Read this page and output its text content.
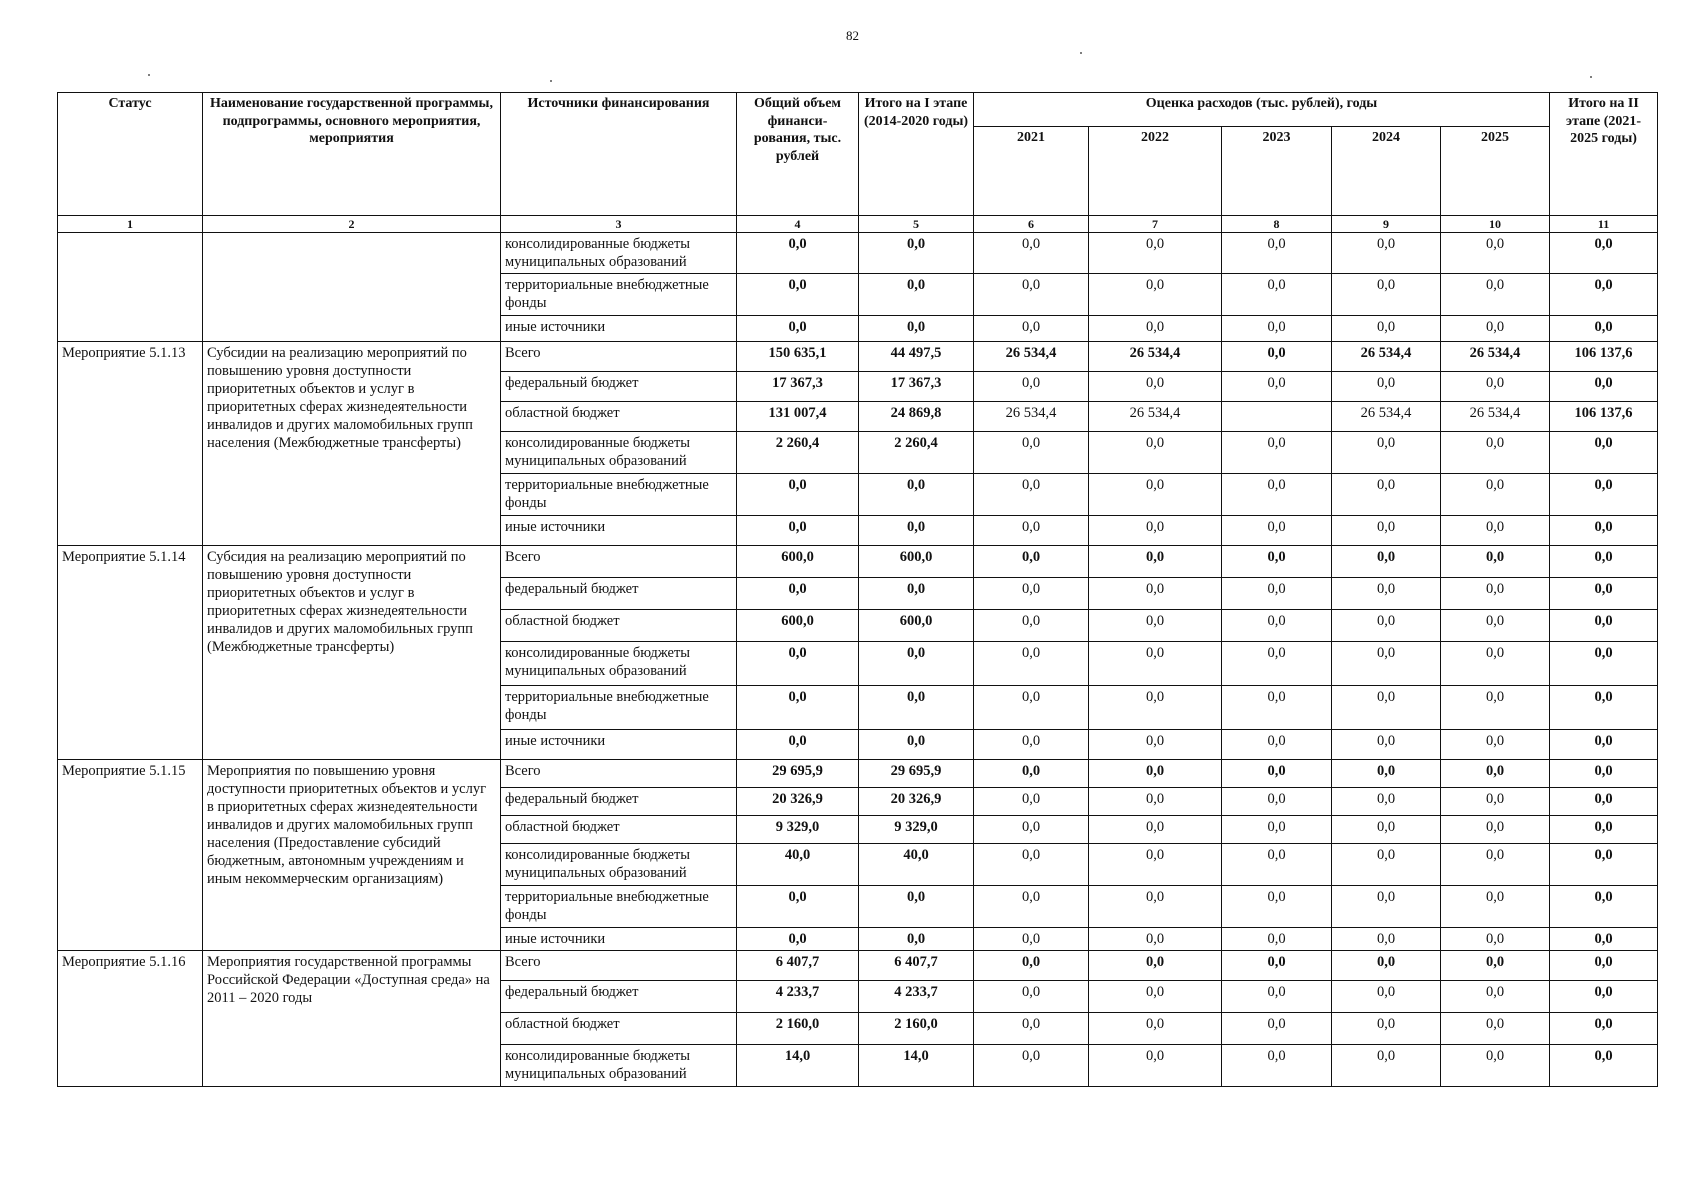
82
Статус	Наименование государственной программы, подпрограммы, основного мероприятия, мероприятия	Источники финансирования	Общий объем финанси-рования, тыс. рублей	Итого на I этапе (2014-2020 годы)	Оценка расходов (тыс. рублей), годы					Итого на II этапе (2021-2025 годы)
					2021	2022	2023	2024	2025	
1	2	3	4	5	6	7	8	9	10	11
		консолидированные бюджеты муниципальных образований	0,0	0,0	0,0	0,0	0,0	0,0	0,0	0,0
		территориальные внебюджетные фонды	0,0	0,0	0,0	0,0	0,0	0,0	0,0	0,0
		иные источники	0,0	0,0	0,0	0,0	0,0	0,0	0,0	0,0
Мероприятие 5.1.13	Субсидии на реализацию мероприятий по повышению уровня доступности приоритетных объектов и услуг в приоритетных сферах жизнедеятельности инвалидов и других маломобильных групп населения (Межбюджетные трансферты)	Всего	150 635,1	44 497,5	26 534,4	26 534,4	0,0	26 534,4	26 534,4	106 137,6
		федеральный бюджет	17 367,3	17 367,3	0,0	0,0	0,0	0,0	0,0	0,0
		областной бюджет	131 007,4	24 869,8	26 534,4	26 534,4		26 534,4	26 534,4	106 137,6
		консолидированные бюджеты муниципальных образований	2 260,4	2 260,4	0,0	0,0	0,0	0,0	0,0	0,0
		территориальные внебюджетные фонды	0,0	0,0	0,0	0,0	0,0	0,0	0,0	0,0
		иные источники	0,0	0,0	0,0	0,0	0,0	0,0	0,0	0,0
Мероприятие 5.1.14	Субсидия на реализацию мероприятий по повышению уровня доступности приоритетных объектов и услуг в приоритетных сферах жизнедеятельности инвалидов и других маломобильных групп (Межбюджетные трансферты)	Всего	600,0	600,0	0,0	0,0	0,0	0,0	0,0	0,0
		федеральный бюджет	0,0	0,0	0,0	0,0	0,0	0,0	0,0	0,0
		областной бюджет	600,0	600,0	0,0	0,0	0,0	0,0	0,0	0,0
		консолидированные бюджеты муниципальных образований	0,0	0,0	0,0	0,0	0,0	0,0	0,0	0,0
		территориальные внебюджетные фонды	0,0	0,0	0,0	0,0	0,0	0,0	0,0	0,0
		иные источники	0,0	0,0	0,0	0,0	0,0	0,0	0,0	0,0
Мероприятие 5.1.15	Мероприятия по повышению уровня доступности приоритетных объектов и услуг в приоритетных сферах жизнедеятельности инвалидов и других маломобильных групп населения (Предоставление субсидий бюджетным, автономным учреждениям и иным некоммерческим организациям)	Всего	29 695,9	29 695,9	0,0	0,0	0,0	0,0	0,0	0,0
		федеральный бюджет	20 326,9	20 326,9	0,0	0,0	0,0	0,0	0,0	0,0
		областной бюджет	9 329,0	9 329,0	0,0	0,0	0,0	0,0	0,0	0,0
		консолидированные бюджеты муниципальных образований	40,0	40,0	0,0	0,0	0,0	0,0	0,0	0,0
		территориальные внебюджетные фонды	0,0	0,0	0,0	0,0	0,0	0,0	0,0	0,0
		иные источники	0,0	0,0	0,0	0,0	0,0	0,0	0,0	0,0
Мероприятие 5.1.16	Мероприятия государственной программы Российской Федерации «Доступная среда» на 2011 – 2020 годы	Всего	6 407,7	6 407,7	0,0	0,0	0,0	0,0	0,0	0,0
		федеральный бюджет	4 233,7	4 233,7	0,0	0,0	0,0	0,0	0,0	0,0
		областной бюджет	2 160,0	2 160,0	0,0	0,0	0,0	0,0	0,0	0,0
		консолидированные бюджеты муниципальных образований	14,0	14,0	0,0	0,0	0,0	0,0	0,0	0,0
